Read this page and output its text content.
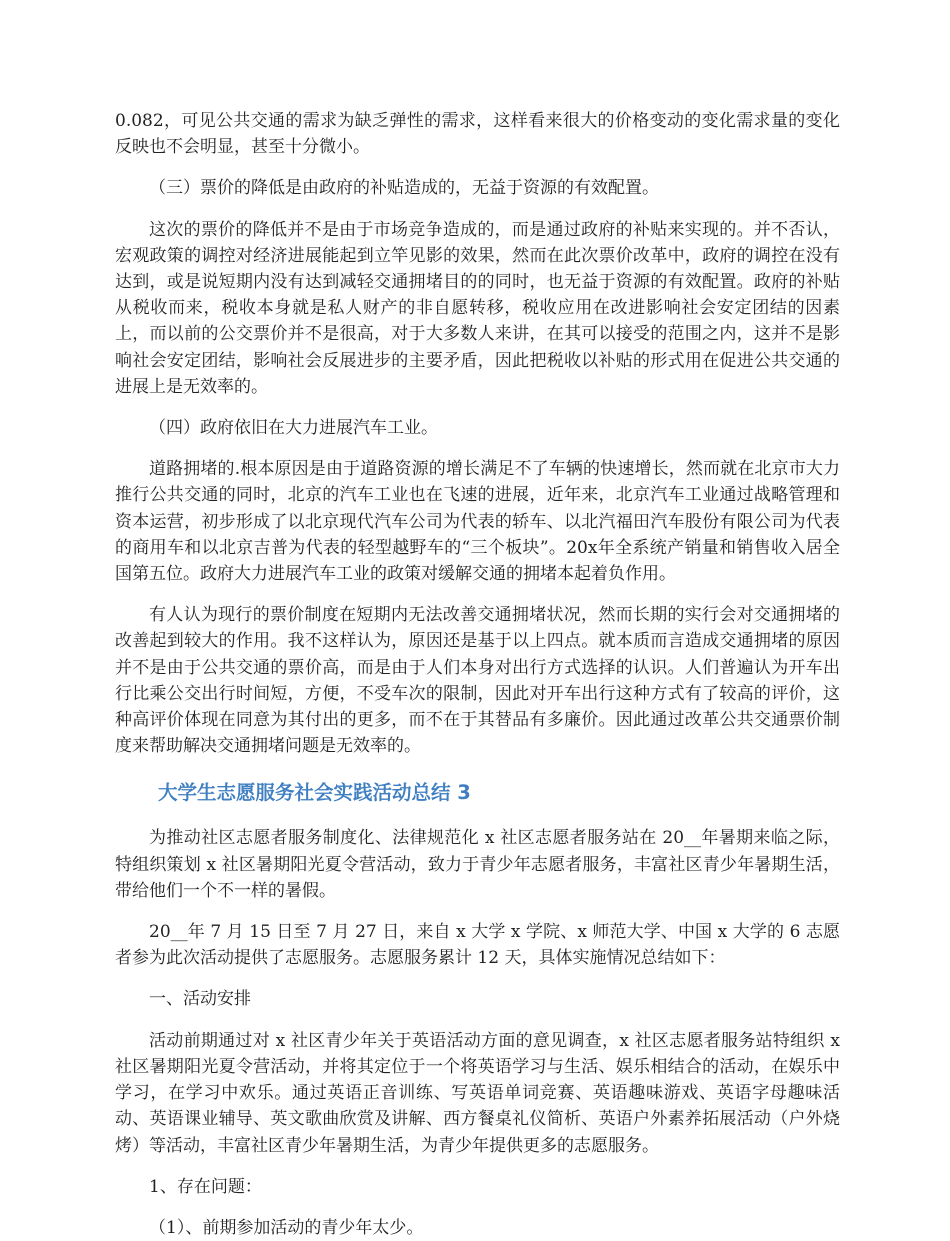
0.082，可见公共交通的需求为缺乏弹性的需求，这样看来很大的价格变动的变化需求量的变化反映也不会明显，甚至十分微小。

（三）票价的降低是由政府的补贴造成的，无益于资源的有效配置。

这次的票价的降低并不是由于市场竞争造成的，而是通过政府的补贴来实现的。并不否认，宏观政策的调控对经济进展能起到立竿见影的效果，然而在此次票价改革中，政府的调控在没有达到，或是说短期内没有达到减轻交通拥堵目的的同时，也无益于资源的有效配置。政府的补贴从税收而来，税收本身就是私人财产的非自愿转移，税收应用在改进影响社会安定团结的因素上，而以前的公交票价并不是很高，对于大多数人来讲，在其可以接受的范围之内，这并不是影响社会安定团结，影响社会反展进步的主要矛盾，因此把税收以补贴的形式用在促进公共交通的进展上是无效率的。

（四）政府依旧在大力进展汽车工业。

道路拥堵的.根本原因是由于道路资源的增长满足不了车辆的快速增长，然而就在北京市大力推行公共交通的同时，北京的汽车工业也在飞速的进展，近年来，北京汽车工业通过战略管理和资本运营，初步形成了以北京现代汽车公司为代表的轿车、以北汽福田汽车股份有限公司为代表的商用车和以北京吉普为代表的轻型越野车的“三个板块”。20x年全系统产销量和销售收入居全国第五位。政府大力进展汽车工业的政策对缓解交通的拥堵本起着负作用。

有人认为现行的票价制度在短期内无法改善交通拥堵状况，然而长期的实行会对交通拥堵的改善起到较大的作用。我不这样认为，原因还是基于以上四点。就本质而言造成交通拥堵的原因并不是由于公共交通的票价高，而是由于人们本身对出行方式选择的认识。人们普遍认为开车出行比乘公交出行时间短，方便，不受车次的限制，因此对开车出行这种方式有了较高的评价，这种高评价体现在同意为其付出的更多，而不在于其替品有多廉价。因此通过改革公共交通票价制度来帮助解决交通拥堵问题是无效率的。

大学生志愿服务社会实践活动总结 3

为推动社区志愿者服务制度化、法律规范化 x 社区志愿者服务站在 20__年暑期来临之际，特组织策划 x 社区暑期阳光夏令营活动，致力于青少年志愿者服务，丰富社区青少年暑期生活，带给他们一个不一样的暑假。

20__年 7 月 15 日至 7 月 27 日，来自 x 大学 x 学院、x 师范大学、中国 x 大学的 6 志愿者参为此次活动提供了志愿服务。志愿服务累计 12 天，具体实施情况总结如下：

一、活动安排

活动前期通过对 x 社区青少年关于英语活动方面的意见调查，x 社区志愿者服务站特组织 x 社区暑期阳光夏令营活动，并将其定位于一个将英语学习与生活、娱乐相结合的活动，在娱乐中学习，在学习中欢乐。通过英语正音训练、写英语单词竞赛、英语趣味游戏、英语字母趣味活动、英语课业辅导、英文歌曲欣赏及讲解、西方餐桌礼仪简析、英语户外素养拓展活动（户外烧烤）等活动，丰富社区青少年暑期生活，为青少年提供更多的志愿服务。

1、存在问题：

（1）、前期参加活动的青少年太少。
